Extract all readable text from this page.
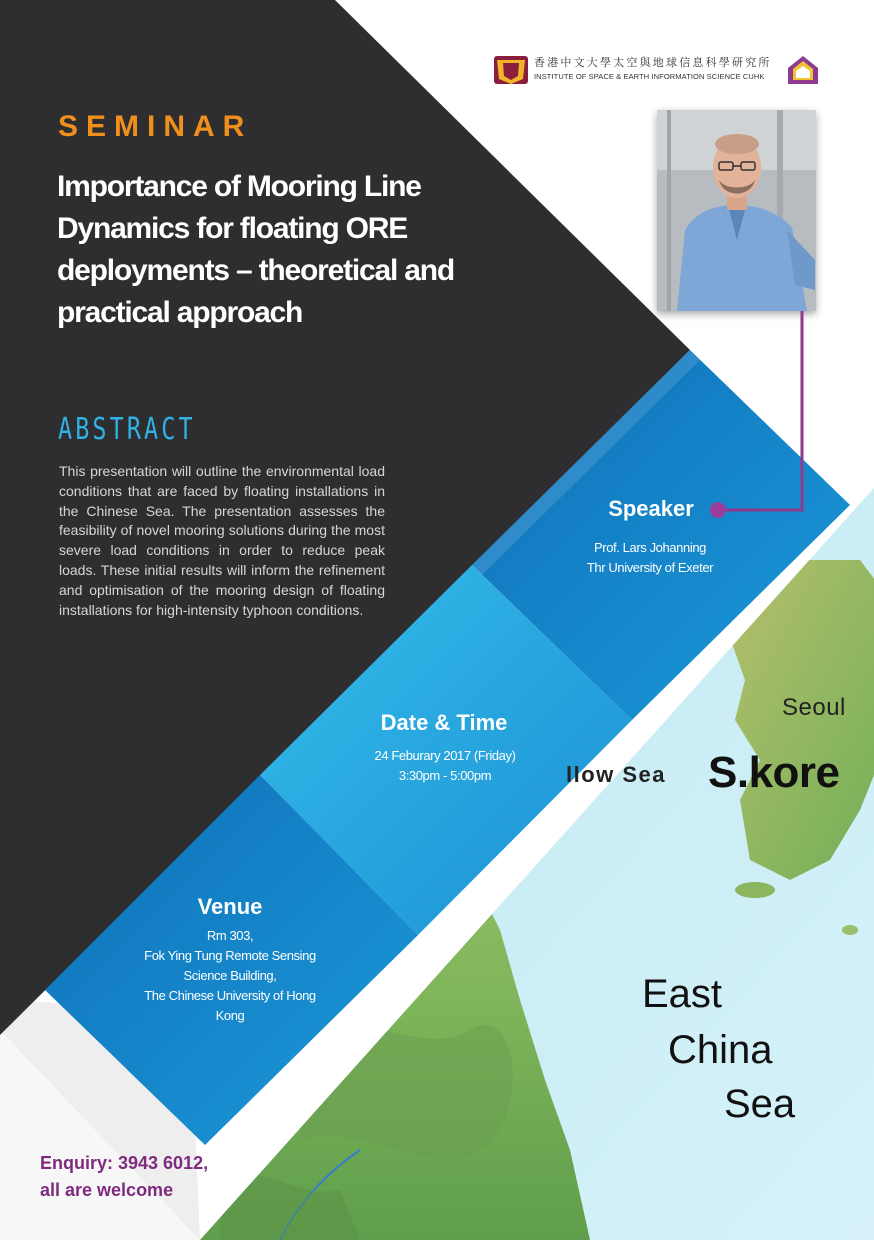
Seoul
llow Sea S.kore
East
China
Sea
香港中文大學太空與地球信息科學研究所
INSTITUTE OF SPACE & EARTH INFORMATION SCIENCE CUHK
SEMINAR
Importance of Mooring Line Dynamics for floating ORE deployments – theoretical and practical approach
ABSTRACT
This presentation will outline the environmental load conditions that are faced by floating installations in the Chinese Sea. The presentation assesses the feasibility of novel mooring solutions during the most severe load conditions in order to reduce peak loads. These initial results will inform the refinement and optimisation of the mooring design of floating installations for high-intensity typhoon conditions.
Speaker
Prof. Lars Johanning
Thr University of Exeter
Date & Time
24 Feburary 2017 (Friday)
3:30pm - 5:00pm
Venue
Rm 303,
Fok Ying Tung Remote Sensing
Science Building,
The Chinese University of Hong
Kong
Enquiry: 3943 6012,
all are welcome
